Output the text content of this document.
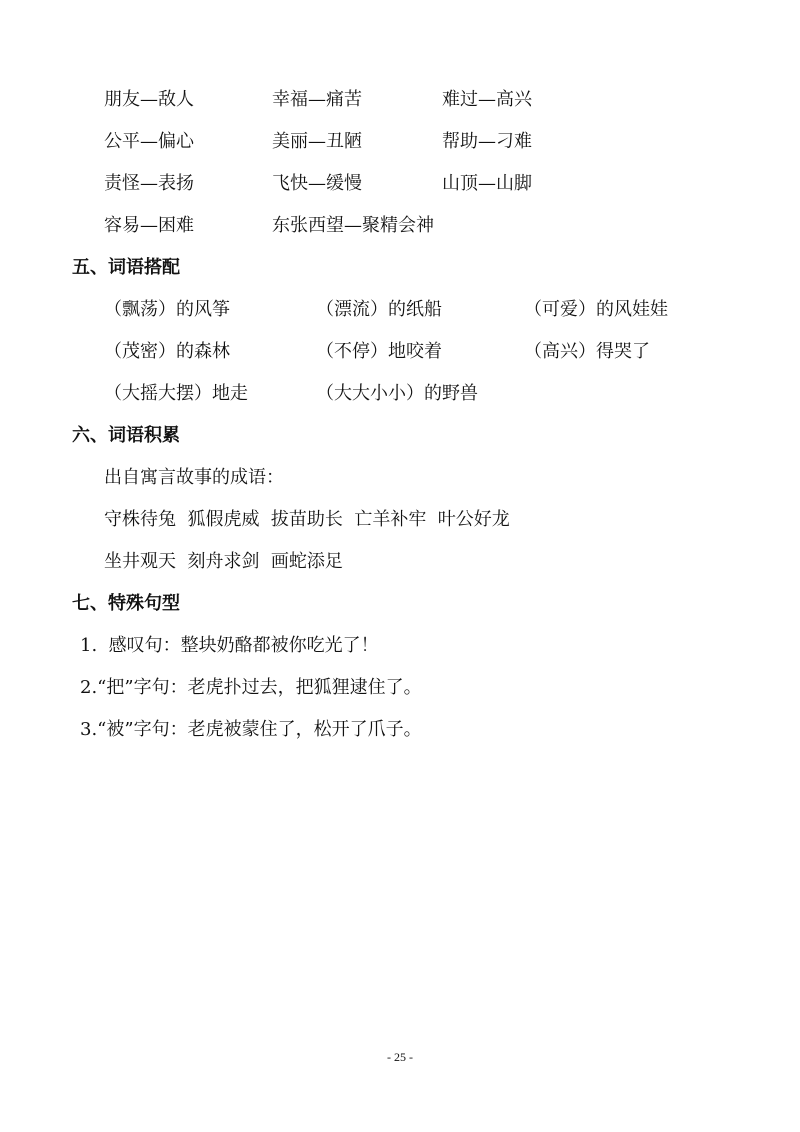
朋友—敌人	幸福—痛苦	难过—高兴
公平—偏心	美丽—丑陋	帮助—刁难
责怪—表扬	飞快—缓慢	山顶—山脚
容易—困难	东张西望—聚精会神
五、词语搭配
（飘荡）的风筝	（漂流）的纸船	（可爱）的风娃娃
（茂密）的森林	（不停）地咬着	（高兴）得哭了
（大摇大摆）地走	（大大小小）的野兽
六、词语积累
出自寓言故事的成语：
守株待兔  狐假虎威  拔苗助长  亡羊补牢  叶公好龙
坐井观天  刻舟求剑  画蛇添足
七、特殊句型
1.  感叹句：整块奶酪都被你吃光了！
2.“把”字句：老虎扑过去，把狐狸逮住了。
3.“被”字句：老虎被蒙住了，松开了爪子。
- 25 -
